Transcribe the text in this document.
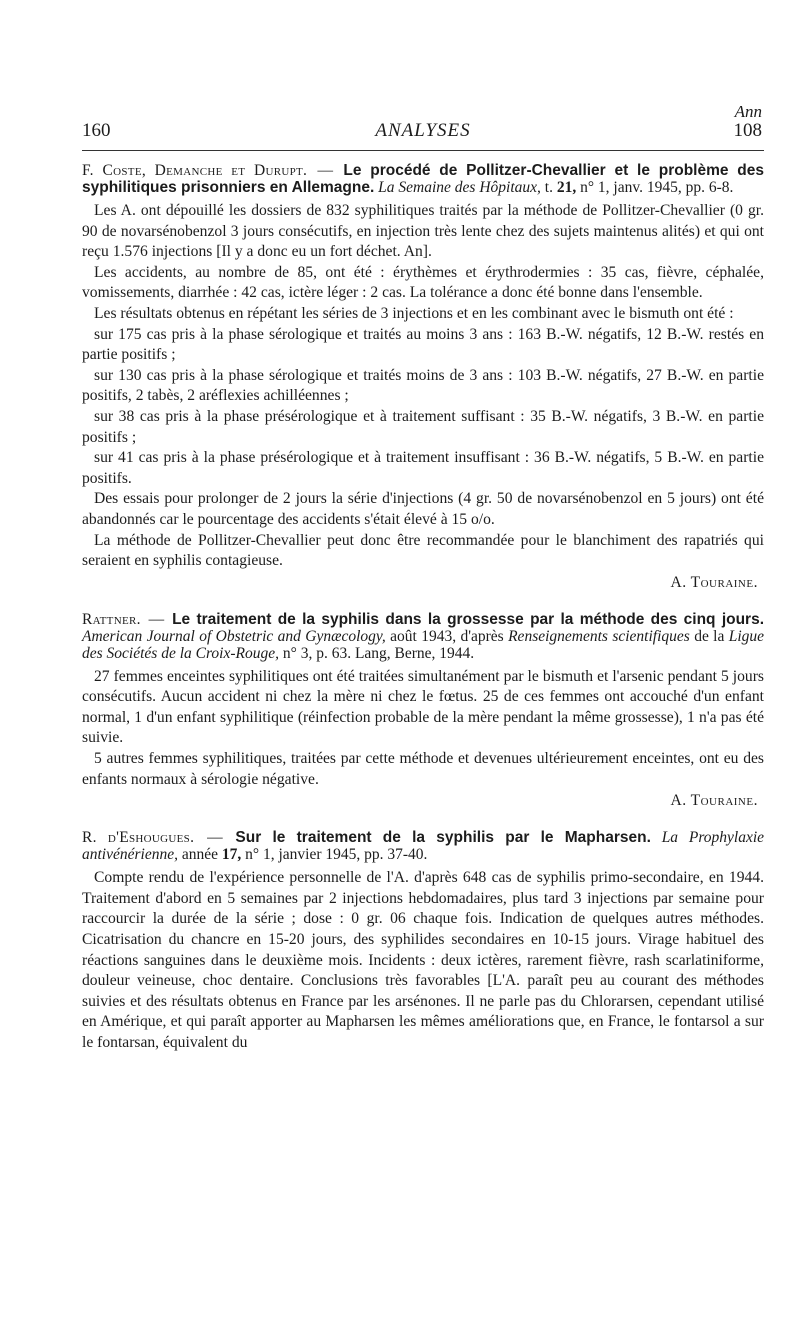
Ann
160	ANALYSES	108

F. Coste, Demanche et Durupt. — Le procédé de Pollitzer-Chevallier et le problème des syphilitiques prisonniers en Allemagne. La Semaine des Hôpitaux, t. 21, n° 1, janv. 1945, pp. 6-8.

Les A. ont dépouillé les dossiers de 832 syphilitiques traités par la méthode de Pollitzer-Chevallier (0 gr. 90 de novarsénobenzol 3 jours consécutifs, en injection très lente chez des sujets maintenus alités) et qui ont reçu 1.576 injections [Il y a donc eu un fort déchet. An].

Les accidents, au nombre de 85, ont été : érythèmes et érythrodermies : 35 cas, fièvre, céphalée, vomissements, diarrhée : 42 cas, ictère léger : 2 cas. La tolérance a donc été bonne dans l'ensemble.

Les résultats obtenus en répétant les séries de 3 injections et en les combinant avec le bismuth ont été :

sur 175 cas pris à la phase sérologique et traités au moins 3 ans : 163 B.-W. négatifs, 12 B.-W. restés en partie positifs ;

sur 130 cas pris à la phase sérologique et traités moins de 3 ans : 103 B.-W. négatifs, 27 B.-W. en partie positifs, 2 tabès, 2 aréflexies achilléennes ;

sur 38 cas pris à la phase présérologique et à traitement suffisant : 35 B.-W. négatifs, 3 B.-W. en partie positifs ;

sur 41 cas pris à la phase présérologique et à traitement insuffisant : 36 B.-W. négatifs, 5 B.-W. en partie positifs.

Des essais pour prolonger de 2 jours la série d'injections (4 gr. 50 de novarsénobenzol en 5 jours) ont été abandonnés car le pourcentage des accidents s'était élevé à 15 o/o.

La méthode de Pollitzer-Chevallier peut donc être recommandée pour le blanchiment des rapatriés qui seraient en syphilis contagieuse.

A. Touraine.

Rattner. — Le traitement de la syphilis dans la grossesse par la méthode des cinq jours. American Journal of Obstetric and Gynæcology, août 1943, d'après Renseignements scientifiques de la Ligue des Sociétés de la Croix-Rouge, n° 3, p. 63. Lang, Berne, 1944.

27 femmes enceintes syphilitiques ont été traitées simultanément par le bismuth et l'arsenic pendant 5 jours consécutifs. Aucun accident ni chez la mère ni chez le fœtus. 25 de ces femmes ont accouché d'un enfant normal, 1 d'un enfant syphilitique (réinfection probable de la mère pendant la même grossesse), 1 n'a pas été suivie.

5 autres femmes syphilitiques, traitées par cette méthode et devenues ultérieurement enceintes, ont eu des enfants normaux à sérologie négative.

A. Touraine.

R. d'Eshougues. — Sur le traitement de la syphilis par le Mapharsen. La Prophylaxie antivénérienne, année 17, n° 1, janvier 1945, pp. 37-40.

Compte rendu de l'expérience personnelle de l'A. d'après 648 cas de syphilis primo-secondaire, en 1944. Traitement d'abord en 5 semaines par 2 injections hebdomadaires, plus tard 3 injections par semaine pour raccourcir la durée de la série ; dose : 0 gr. 06 chaque fois. Indication de quelques autres méthodes. Cicatrisation du chancre en 15-20 jours, des syphilides secondaires en 10-15 jours. Virage habituel des réactions sanguines dans le deuxième mois. Incidents : deux ictères, rarement fièvre, rash scarlatiniforme, douleur veineuse, choc dentaire. Conclusions très favorables [L'A. paraît peu au courant des méthodes suivies et des résultats obtenus en France par les arsénones. Il ne parle pas du Chlorarsen, cependant utilisé en Amérique, et qui paraît apporter au Mapharsen les mêmes améliorations que, en France, le fontarsol a sur le fontarsan, équivalent du
